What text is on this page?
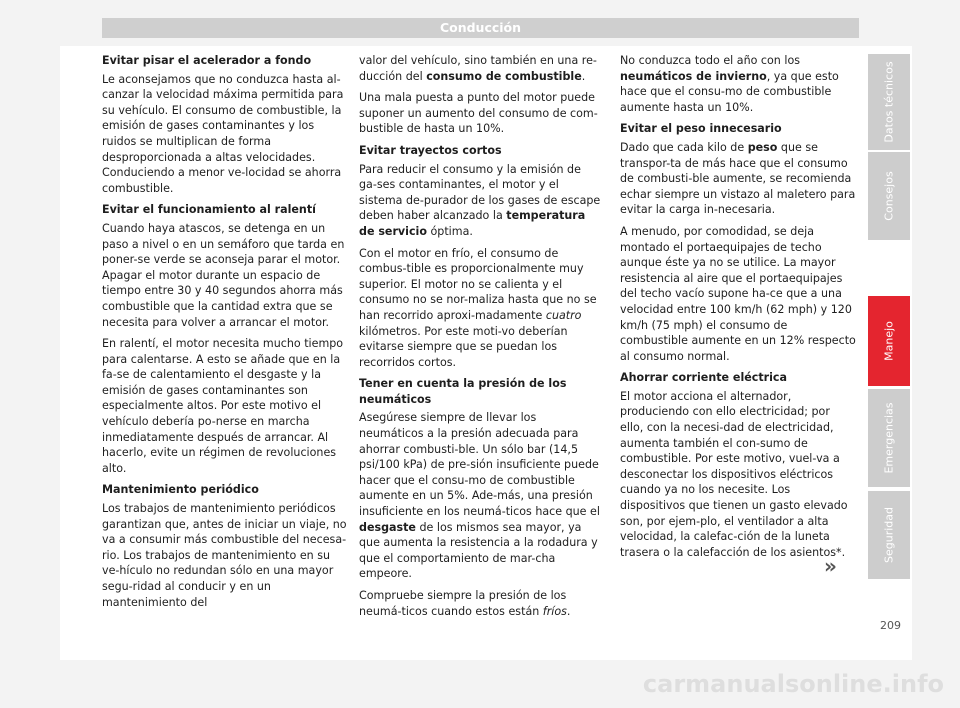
Conducción
Evitar pisar el acelerador a fondo

Le aconsejamos que no conduzca hasta al-canzar la velocidad máxima permitida para su vehículo. El consumo de combustible, la emisión de gases contaminantes y los ruidos se multiplican de forma desproporcionada a altas velocidades. Conduciendo a menor ve-locidad se ahorra combustible.

Evitar el funcionamiento al ralentí

Cuando haya atascos, se detenga en un paso a nivel o en un semáforo que tarda en poner-se verde se aconseja parar el motor. Apagar el motor durante un espacio de tiempo entre 30 y 40 segundos ahorra más combustible que la cantidad extra que se necesita para volver a arrancar el motor.

En ralentí, el motor necesita mucho tiempo para calentarse. A esto se añade que en la fa-se de calentamiento el desgaste y la emisión de gases contaminantes son especialmente altos. Por este motivo el vehículo debería po-nerse en marcha inmediatamente después de arrancar. Al hacerlo, evite un régimen de revoluciones alto.

Mantenimiento periódico

Los trabajos de mantenimiento periódicos garantizan que, antes de iniciar un viaje, no va a consumir más combustible del necesa-rio. Los trabajos de mantenimiento en su ve-hículo no redundan sólo en una mayor segu-ridad al conducir y en un mantenimiento del

valor del vehículo, sino también en una re-ducción del consumo de combustible.

Una mala puesta a punto del motor puede suponer un aumento del consumo de com-bustible de hasta un 10%.

Evitar trayectos cortos

Para reducir el consumo y la emisión de ga-ses contaminantes, el motor y el sistema de-purador de los gases de escape deben haber alcanzado la temperatura de servicio óptima.

Con el motor en frío, el consumo de combus-tible es proporcionalmente muy superior. El motor no se calienta y el consumo no se nor-maliza hasta que no se han recorrido aproxi-madamente cuatro kilómetros. Por este moti-vo deberían evitarse siempre que se puedan los recorridos cortos.

Tener en cuenta la presión de los neumáticos

Asegúrese siempre de llevar los neumáticos a la presión adecuada para ahorrar combusti-ble. Un sólo bar (14,5 psi/100 kPa) de pre-sión insuficiente puede hacer que el consu-mo de combustible aumente en un 5%. Ade-más, una presión insuficiente en los neumá-ticos hace que el desgaste de los mismos sea mayor, ya que aumenta la resistencia a la rodadura y que el comportamiento de mar-cha empeore.

Compruebe siempre la presión de los neumá-ticos cuando estos están fríos.

No conduzca todo el año con los neumáticos de invierno, ya que esto hace que el consu-mo de combustible aumente hasta un 10%.

Evitar el peso innecesario

Dado que cada kilo de peso que se transpor-ta de más hace que el consumo de combusti-ble aumente, se recomienda echar siempre un vistazo al maletero para evitar la carga in-necesaria.

A menudo, por comodidad, se deja montado el portaequipajes de techo aunque éste ya no se utilice. La mayor resistencia al aire que el portaequipajes del techo vacío supone ha-ce que a una velocidad entre 100 km/h (62 mph) y 120 km/h (75 mph) el consumo de combustible aumente en un 12% respecto al consumo normal.

Ahorrar corriente eléctrica

El motor acciona el alternador, produciendo con ello electricidad; por ello, con la necesi-dad de electricidad, aumenta también el con-sumo de combustible. Por este motivo, vuel-va a desconectar los dispositivos eléctricos cuando ya no los necesite. Los dispositivos que tienen un gasto elevado son, por ejem-plo, el ventilador a alta velocidad, la calefac-ción de la luneta trasera o la calefacción de los asientos*.

»
Datos técnicos
Consejos
Manejo
Emergencias
Seguridad
209
carmanualsonline.info
